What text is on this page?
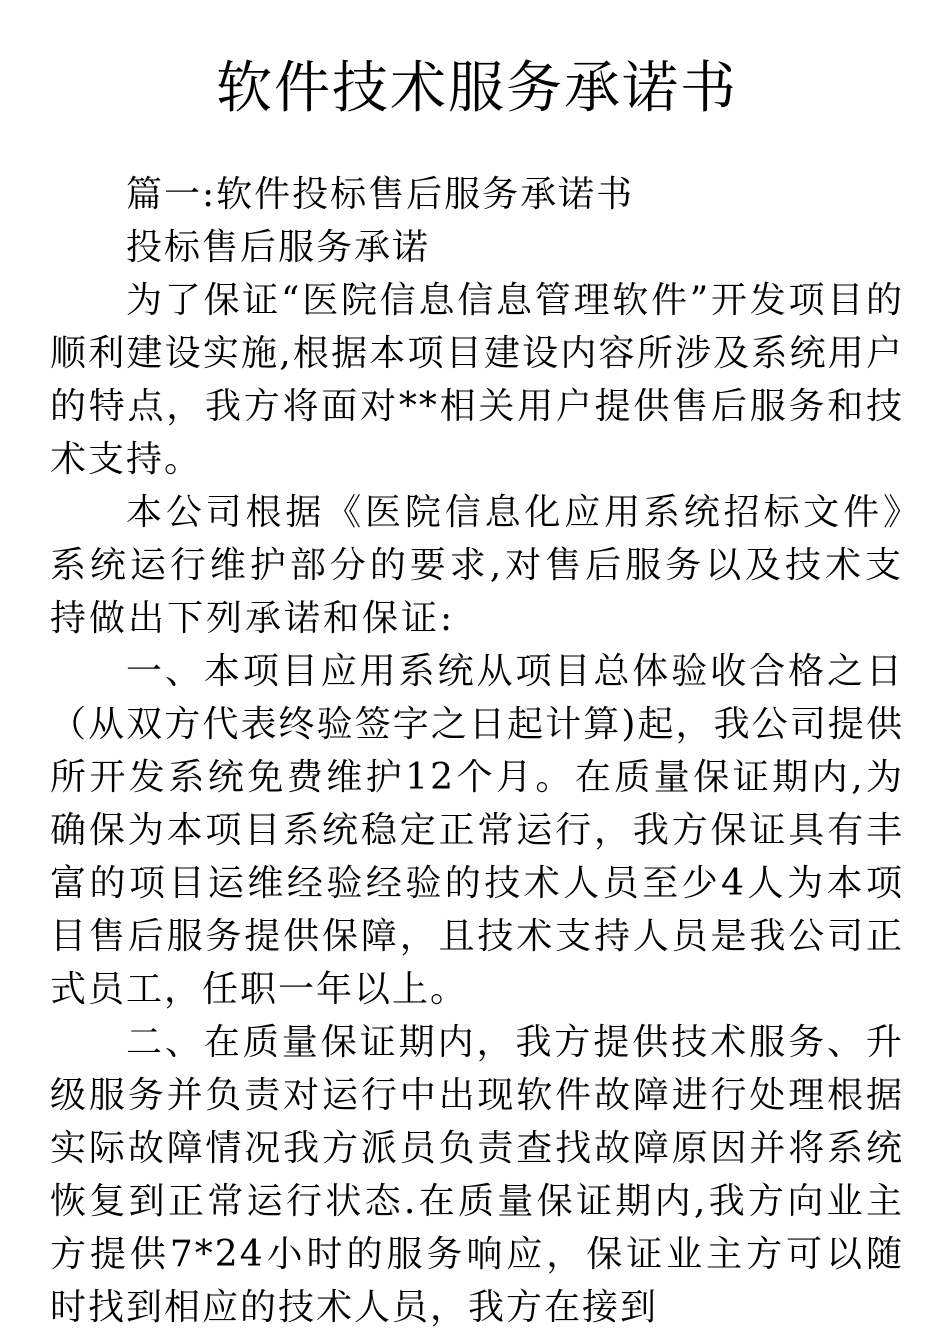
软件技术服务承诺书

篇一:软件投标售后服务承诺书

投标售后服务承诺

为了保证“医院信息信息管理软件”开发项目的顺利建设实施,根据本项目建设内容所涉及系统用户的特点，我方将面对**相关用户提供售后服务和技术支持。

本公司根据《医院信息化应用系统招标文件》系统运行维护部分的要求,对售后服务以及技术支持做出下列承诺和保证:

一、本项目应用系统从项目总体验收合格之日（从双方代表终验签字之日起计算)起，我公司提供所开发系统免费维护12个月。在质量保证期内,为确保为本项目系统稳定正常运行，我方保证具有丰富的项目运维经验经验的技术人员至少4人为本项目售后服务提供保障，且技术支持人员是我公司正式员工，任职一年以上。

二、在质量保证期内，我方提供技术服务、升级服务并负责对运行中出现软件故障进行处理根据实际故障情况我方派员负责查找故障原因并将系统恢复到正常运行状态.在质量保证期内,我方向业主方提供7*24小时的服务响应，保证业主方可以随时找到相应的技术人员，我方在接到
